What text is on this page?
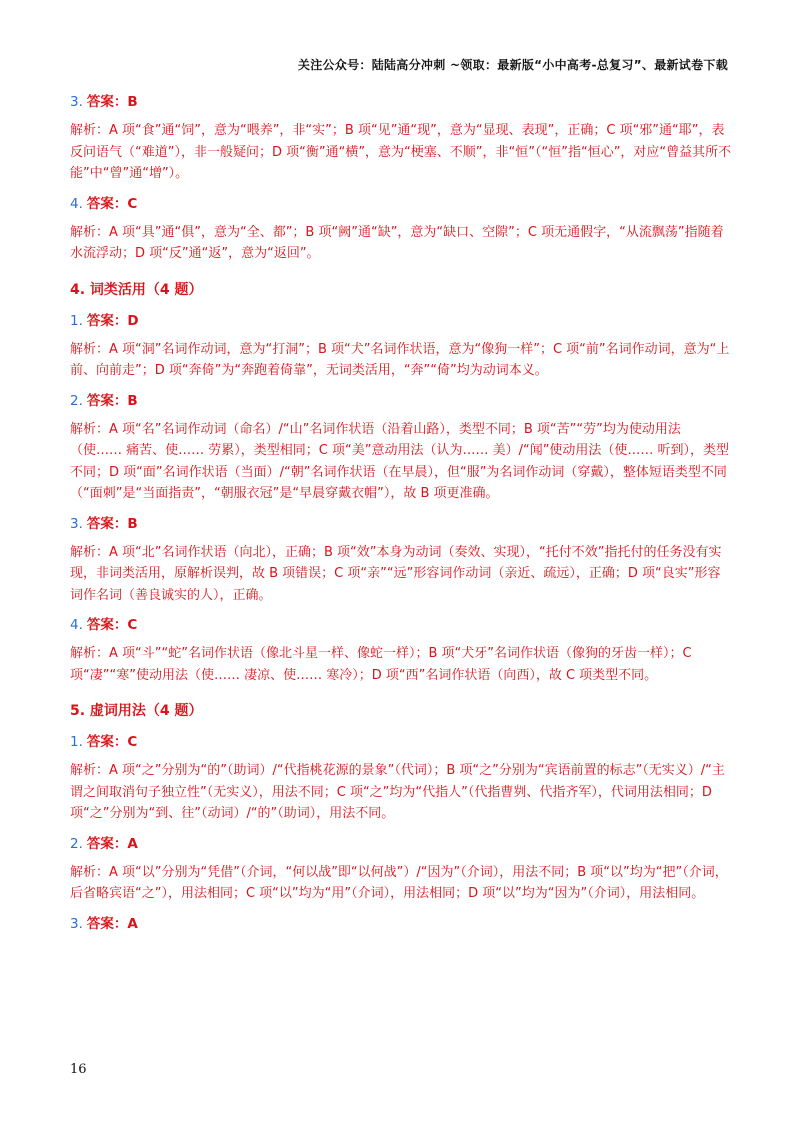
关注公众号：陆陆高分冲刺 ~领取：最新版“小中高考-总复习”、最新试卷下载
3. 答案：B
解析：A 项“食”通“饲”，意为“喂养”，非“实”；B 项“见”通“现”，意为“显现、表现”，正确；C 项“邪”通“耶”，表反问语气（“难道”），非一般疑问；D 项“衡”通“横”，意为“梗塞、不顺”，非“恒”（“恒”指“恒心”，对应“曾益其所不能”中“曾”通“增”）。
4. 答案：C
解析：A 项“具”通“俱”，意为“全、都”；B 项“阙”通“缺”，意为“缺口、空隙”；C 项无通假字，“从流飘荡”指随着水流浮动；D 项“反”通“返”，意为“返回”。
4. 词类活用（4 题）
1. 答案：D
解析：A 项“洞”名词作动词，意为“打洞”；B 项“犬”名词作状语，意为“像狗一样”；C 项“前”名词作动词，意为“上前、向前走”；D 项“奔倚”为“奔跑着倚靠”，无词类活用，“奔”“倚”均为动词本义。
2. 答案：B
解析：A 项“名”名词作动词（命名）/“山”名词作状语（沿着山路），类型不同；B 项“苦”“劳”均为使动用法（使…… 痛苦、使…… 劳累），类型相同；C 项“美”意动用法（认为…… 美）/“闻”使动用法（使…… 听到），类型不同；D 项“面”名词作状语（当面）/“朝”名词作状语（在早晨），但“服”为名词作动词（穿戴），整体短语类型不同（“面刺”是“当面指责”，“朝服衣冠”是“早晨穿戴衣帽”），故 B 项更准确。
3. 答案：B
解析：A 项“北”名词作状语（向北），正确；B 项“效”本身为动词（奏效、实现），“托付不效”指托付的任务没有实现，非词类活用，原解析误判，故 B 项错误；C 项“亲”“远”形容词作动词（亲近、疏远），正确；D 项“良实”形容词作名词（善良诚实的人），正确。
4. 答案：C
解析：A 项“斗”“蛇”名词作状语（像北斗星一样、像蛇一样）；B 项“犬牙”名词作状语（像狗的牙齿一样）；C 项“凄”“寒”使动用法（使…… 凄凉、使…… 寒冷）；D 项“西”名词作状语（向西），故 C 项类型不同。
5. 虚词用法（4 题）
1. 答案：C
解析：A 项“之”分别为“的”（助词）/“代指桃花源的景象”（代词）；B 项“之”分别为“宾语前置的标志”（无实义）/“主谓之间取消句子独立性”（无实义），用法不同；C 项“之”均为“代指人”（代指曹刿、代指齐军），代词用法相同；D 项“之”分别为“到、往”（动词）/“的”（助词），用法不同。
2. 答案：A
解析：A 项“以”分别为“凭借”（介词，“何以战”即“以何战”）/“因为”（介词），用法不同；B 项“以”均为“把”（介词，后省略宾语“之”），用法相同；C 项“以”均为“用”（介词），用法相同；D 项“以”均为“因为”（介词），用法相同。
3. 答案：A
16
